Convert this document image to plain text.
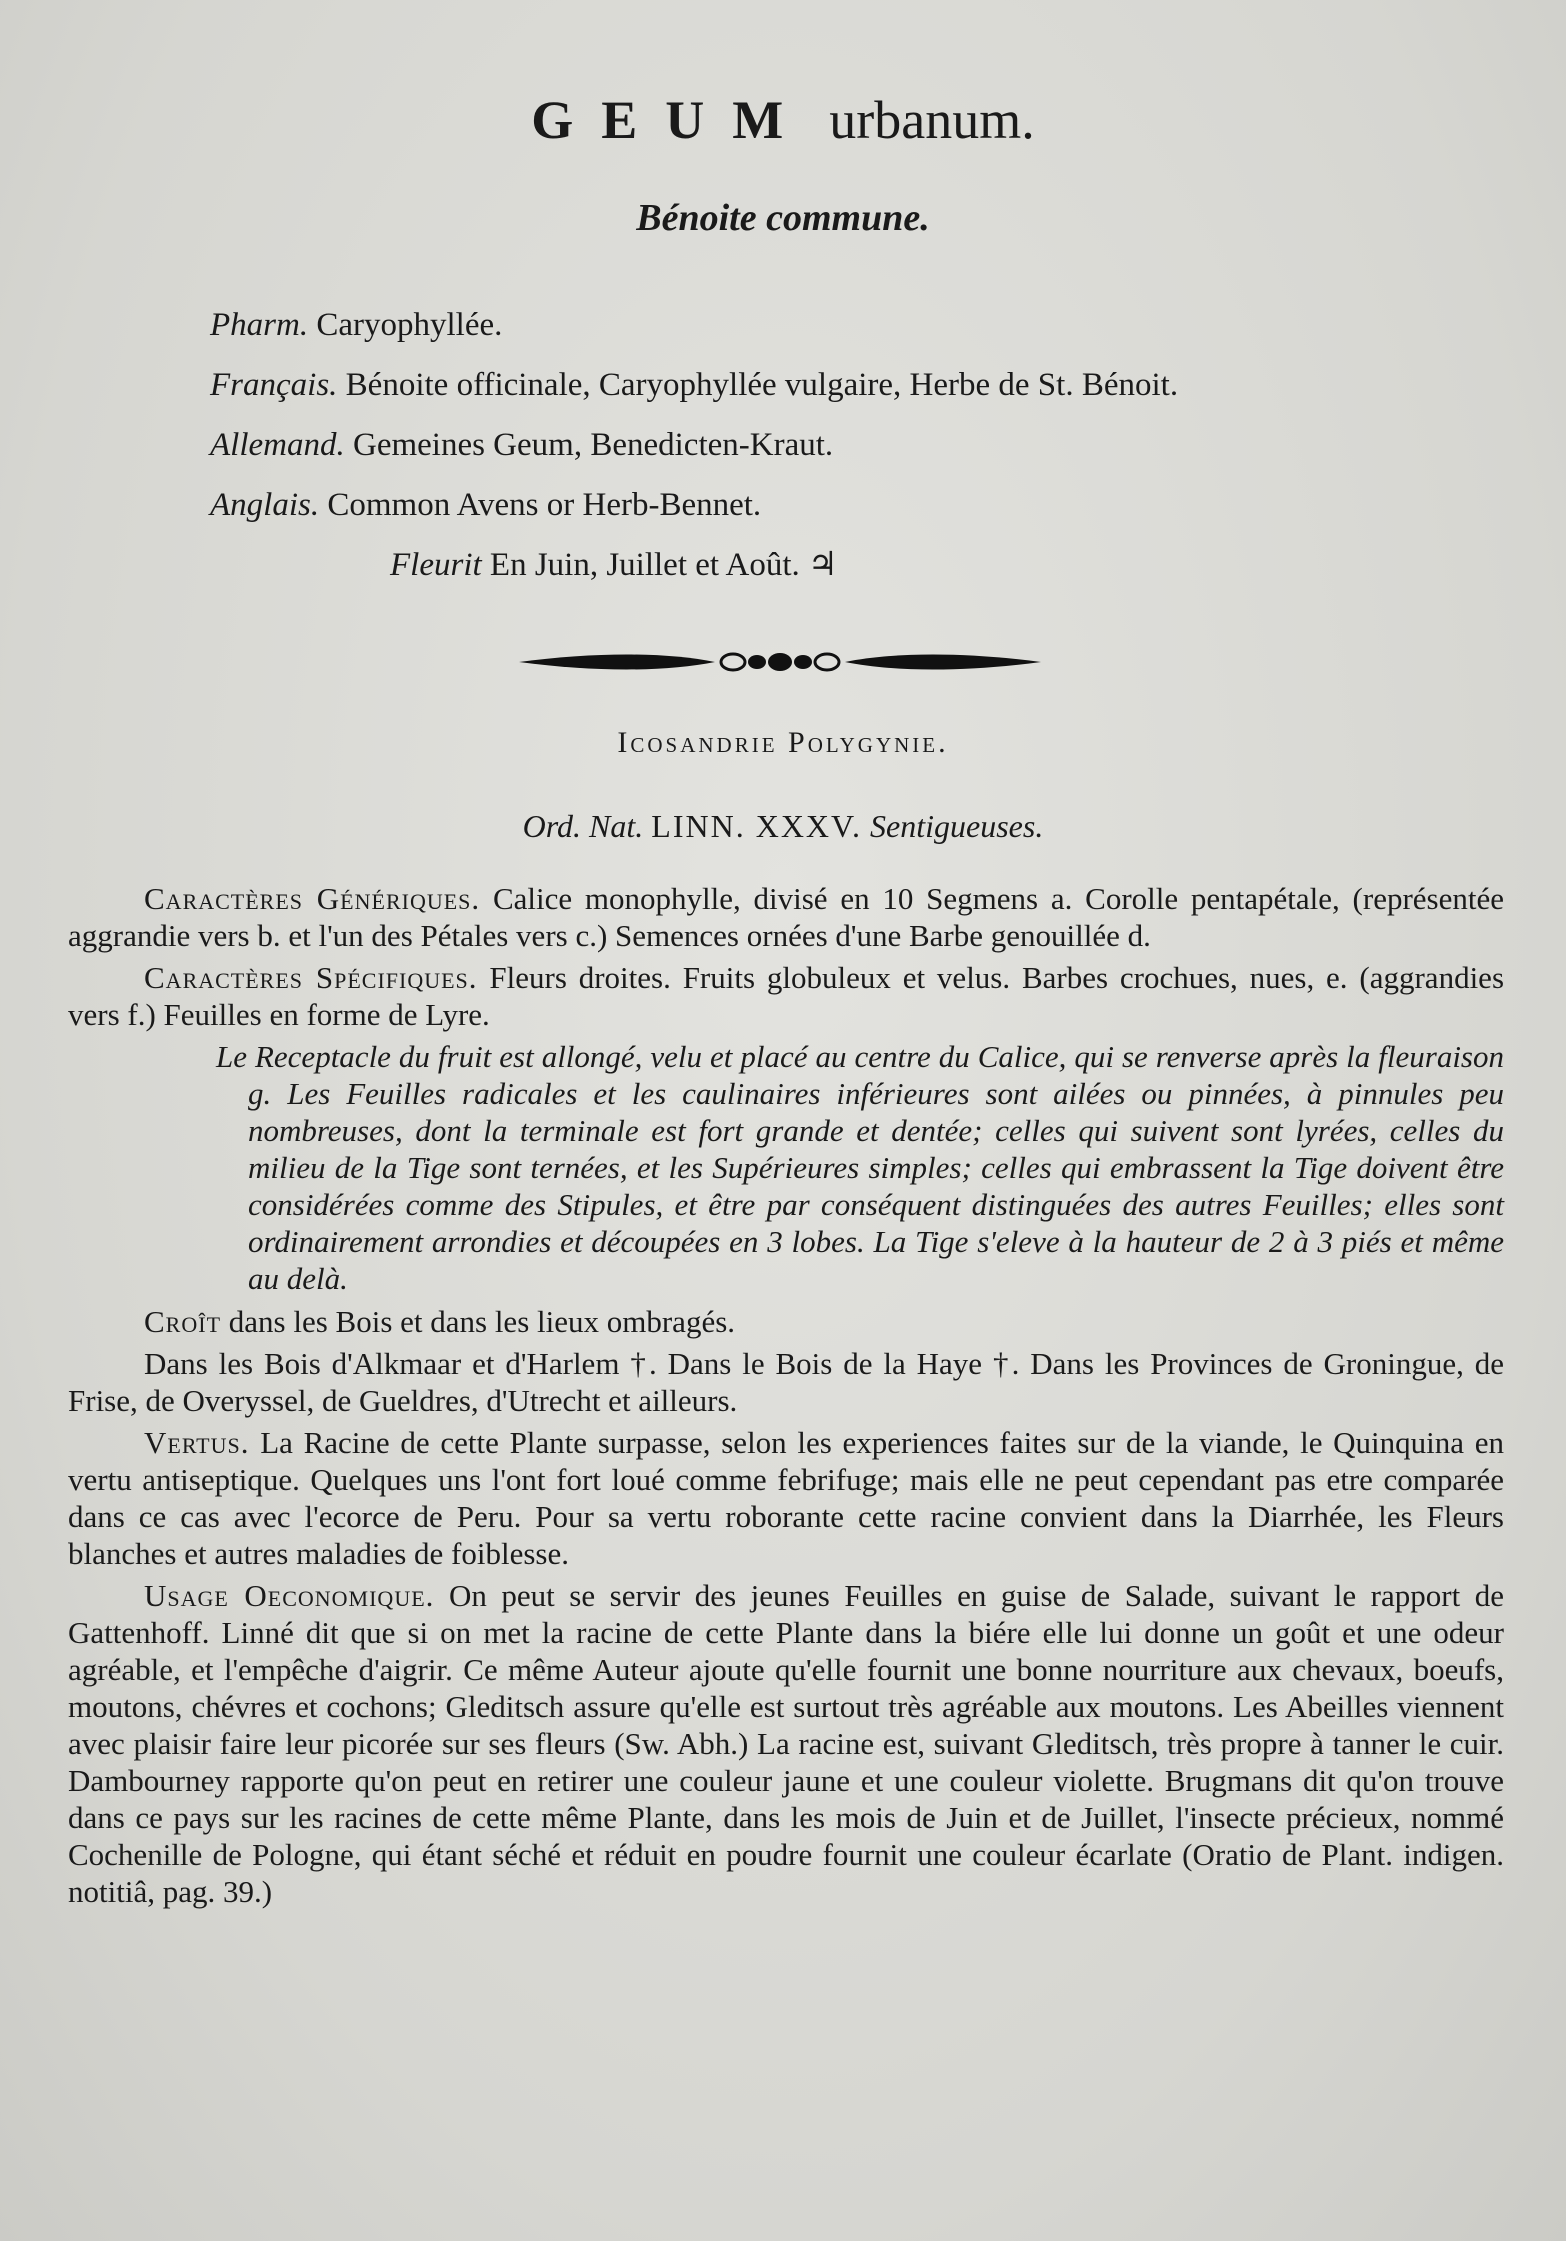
GEUM urbanum.
Bénoite commune.
Pharm. Caryophyllée.
Français. Bénoite officinale, Caryophyllée vulgaire, Herbe de St. Bénoit.
Allemand. Gemeines Geum, Benedicten-Kraut.
Anglais. Common Avens or Herb-Bennet.
Fleurit En Juin, Juillet et Août. ♃
Icosandrie Polygynie.
Ord. Nat. LINN. XXXV. Sentigueuses.

Caractères Génériques. Calice monophylle, divisé en 10 Segmens a. Corolle pentapétale, (représentée aggrandie vers b. et l'un des Pétales vers c.) Semences ornées d'une Barbe genouillée d.

Caractères Spécifiques. Fleurs droites. Fruits globuleux et velus. Barbes crochues, nues, e. (aggrandies vers f.) Feuilles en forme de Lyre.

Le Receptacle du fruit est allongé, velu et placé au centre du Calice, qui se renverse après la fleuraison g. Les Feuilles radicales et les caulinaires inférieures sont ailées ou pinnées, à pinnules peu nombreuses, dont la terminale est fort grande et dentée; celles qui suivent sont lyrées, celles du milieu de la Tige sont ternées, et les Supérieures simples; celles qui embrassent la Tige doivent être considérées comme des Stipules, et être par conséquent distinguées des autres Feuilles; elles sont ordinairement arrondies et découpées en 3 lobes. La Tige s'eleve à la hauteur de 2 à 3 piés et même au delà.

Croît dans les Bois et dans les lieux ombragés.

Dans les Bois d'Alkmaar et d'Harlem †. Dans le Bois de la Haye †. Dans les Provinces de Groningue, de Frise, de Overyssel, de Gueldres, d'Utrecht et ailleurs.

Vertus. La Racine de cette Plante surpasse, selon les experiences faites sur de la viande, le Quinquina en vertu antiseptique. Quelques uns l'ont fort loué comme febrifuge; mais elle ne peut cependant pas etre comparée dans ce cas avec l'ecorce de Peru. Pour sa vertu roborante cette racine convient dans la Diarrhée, les Fleurs blanches et autres maladies de foiblesse.

Usage Oeconomique. On peut se servir des jeunes Feuilles en guise de Salade, suivant le rapport de Gattenhoff. Linné dit que si on met la racine de cette Plante dans la biére elle lui donne un goût et une odeur agréable, et l'empêche d'aigrir. Ce même Auteur ajoute qu'elle fournit une bonne nourriture aux chevaux, boeufs, moutons, chévres et cochons; Gleditsch assure qu'elle est surtout très agréable aux moutons. Les Abeilles viennent avec plaisir faire leur picorée sur ses fleurs (Sw. Abh.) La racine est, suivant Gleditsch, très propre à tanner le cuir. Dambourney rapporte qu'on peut en retirer une couleur jaune et une couleur violette. Brugmans dit qu'on trouve dans ce pays sur les racines de cette même Plante, dans les mois de Juin et de Juillet, l'insecte précieux, nommé Cochenille de Pologne, qui étant séché et réduit en poudre fournit une couleur écarlate (Oratio de Plant. indigen. notitiâ, pag. 39.)
